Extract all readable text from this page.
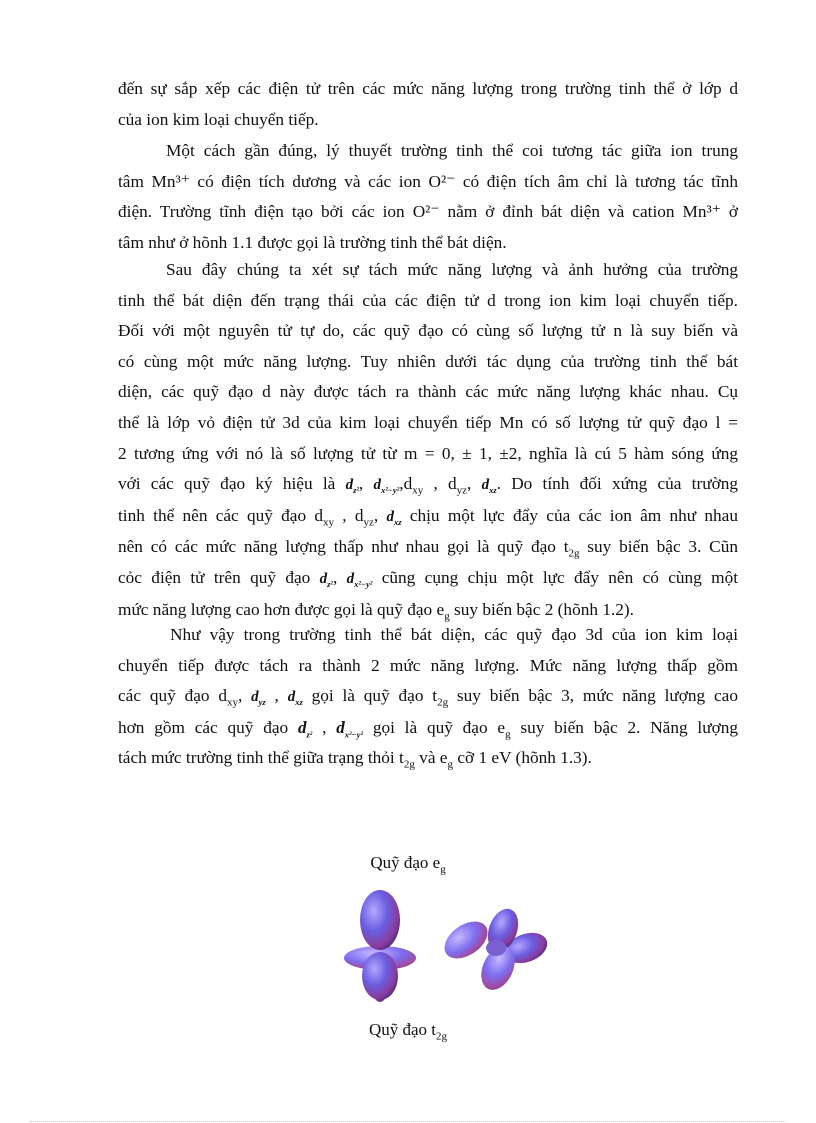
đến sự sắp xếp các điện tử trên các mức năng lượng trong trường tinh thể ở lớp d
của ion kim loại chuyển tiếp.
Một cách gần đúng, lý thuyết trường tinh thể coi tương tác giữa ion trung
tâm Mn³⁺ có điện tích dương và các ion O²⁻ có điện tích âm chỉ là tương tác tĩnh
điện. Trường tĩnh điện tạo bởi các ion O²⁻ nằm ở đỉnh bát diện và cation Mn³⁺ ở
tâm như ở hõnh 1.1 được gọi là trường tinh thể bát diện.
Sau đây chúng ta xét sự tách mức năng lượng và ảnh hưởng của trường
tinh thể bát diện đến trạng thái của các điện tử d trong ion kim loại chuyển tiếp.
Đối với một nguyên tử tự do, các quỹ đạo có cùng số lượng tử n là suy biến và
có cùng một mức năng lượng. Tuy nhiên dưới tác dụng của trường tinh thể bát
diện, các quỹ đạo d này được tách ra thành các mức năng lượng khác nhau. Cụ
thể là lớp vỏ điện tử 3d của kim loại chuyển tiếp Mn có số lượng tử quỹ đạo l =
2 tương ứng với nó là số lượng tử từ m = 0, ± 1, ±2, nghĩa là cú 5 hàm sóng ứng
với các quỹ đạo ký hiệu là $d_{z^2}$, $d_{x^2-y^2},d_{xy}$ , $d_{yz}$, $d_{xz}$. Do tính đối xứng của trường
tinh thể nên các quỹ đạo $d_{xy}$ , $d_{yz}$, $d_{xz}$ chịu một lực đẩy của các ion âm như nhau
nên có các mức năng lượng thấp như nhau gọi là quỹ đạo $t_{2g}$ suy biến bậc 3. Cũn
cỏc điện tử trên quỹ đạo $d_{z^2}$, $d_{x^2-y^2}$ cũng cụng chịu một lực đẩy nên có cùng một
mức năng lượng cao hơn được gọi là quỹ đạo $e_g$ suy biến bậc 2 (hõnh 1.2).
Như vậy trong trường tinh thể bát diện, các quỹ đạo 3d của ion kim loại
chuyển tiếp được tách ra thành 2 mức năng lượng. Mức năng lượng thấp gồm
các quỹ đạo $d_{xy}$, $d_{yz}$ , $d_{xz}$ gọi là quỹ đạo $t_{2g}$ suy biến bậc 3, mức năng lượng cao
hơn gồm các quỹ đạo $d_{z^2}$ , $d_{x^2-y^2}$ gọi là quỹ đạo $e_g$ suy biến bậc 2. Năng lượng
tách mức trường tinh thể giữa trạng thỏi $t_{2g}$ và $e_g$ cỡ 1 eV (hõnh 1.3).
Quỹ đạo $e_g$
Quỹ đạo $t_{2g}$
